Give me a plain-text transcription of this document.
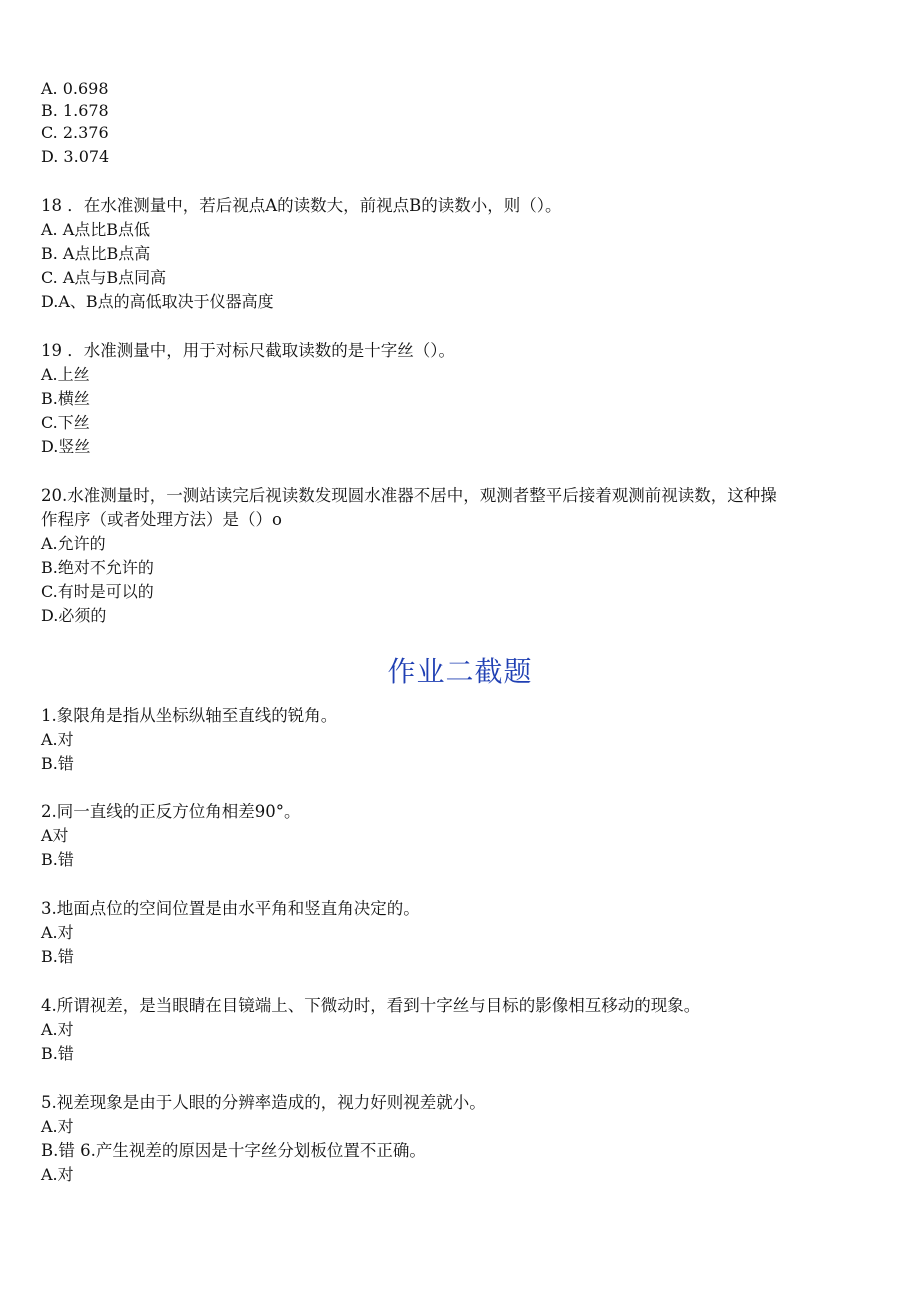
A. 0.698
B. 1.678
C. 2.376
D. 3.074
18 ．在水准测量中，若后视点A的读数大，前视点B的读数小，则（）。
A. A点比B点低
B. A点比B点高
C. A点与B点同高
D.A、B点的高低取决于仪器高度
19 ．水准测量中，用于对标尺截取读数的是十字丝（）。
A.上丝
B.横丝
C.下丝
D.竖丝
20.水准测量时，一测站读完后视读数发现圆水准器不居中，观测者整平后接着观测前视读数，这种操
作程序（或者处理方法）是（）o
A.允许的
B.绝对不允许的
C.有时是可以的
D.必须的
作业二截题
1.象限角是指从坐标纵轴至直线的锐角。
A.对
B.错
2.同一直线的正反方位角相差90°。
A对
B.错
3.地面点位的空间位置是由水平角和竖直角决定的。
A.对
B.错
4.所谓视差，是当眼睛在目镜端上、下微动时，看到十字丝与目标的影像相互移动的现象。
A.对
B.错
5.视差现象是由于人眼的分辨率造成的，视力好则视差就小。
A.对
B.错 6.产生视差的原因是十字丝分划板位置不正确。
A.对
